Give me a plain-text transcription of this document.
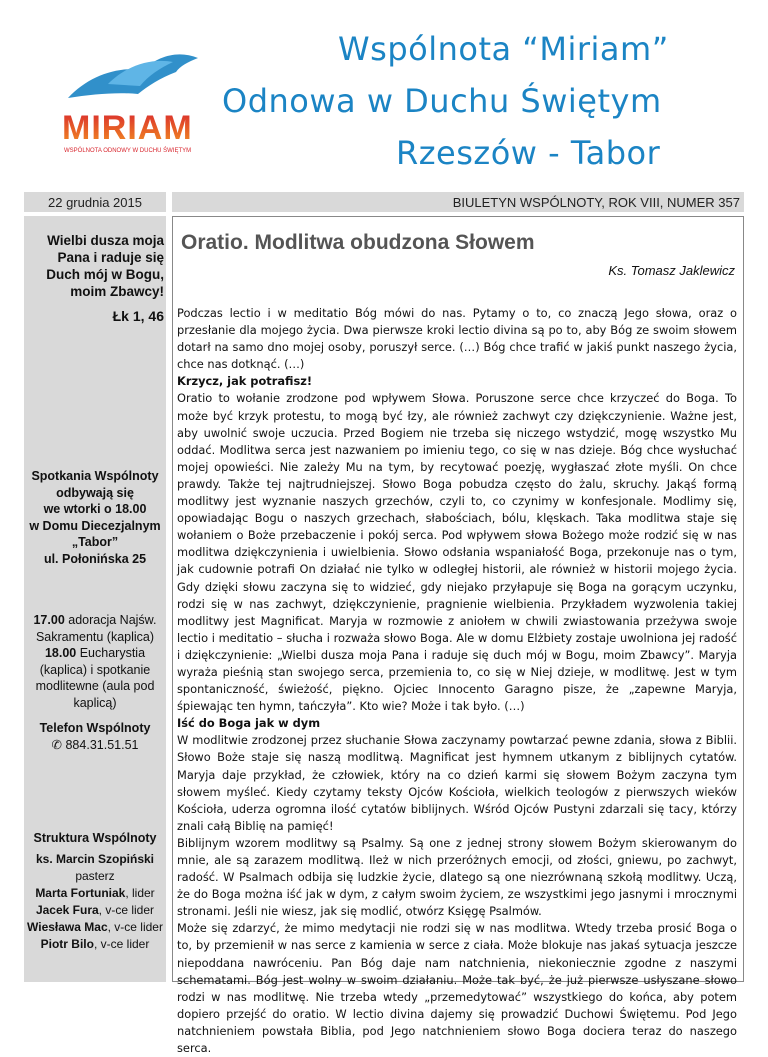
MIRIAM
WSPÓLNOTA ODNOWY W DUCHU ŚWIĘTYM
Wspólnota “Miriam”
Odnowa w Duchu Świętym
Rzeszów - Tabor
22 grudnia 2015	BIULETYN WSPÓLNOTY, ROK VIII, NUMER 357
Wielbi dusza moja Pana i raduje się Duch mój w Bogu, moim Zbawcy!
Łk 1, 46
Spotkania Wspólnoty
odbywają się
we wtorki o 18.00
w Domu Diecezjalnym
„Tabor”
ul. Połonińska 25
17.00 adoracja Najśw. Sakramentu (kaplica)
18.00 Eucharystia (kaplica) i spotkanie modlitewne (aula pod kaplicą)
Telefon Wspólnoty
✆ 884.31.51.51
Struktura Wspólnoty
ks. Marcin Szopiński
pasterz
Marta Fortuniak, lider
Jacek Fura, v-ce lider
Wiesława Mac, v-ce lider
Piotr Bilo, v-ce lider
Oratio. Modlitwa obudzona Słowem
Ks. Tomasz Jaklewicz

Podczas lectio i w meditatio Bóg mówi do nas. Pytamy o to, co znaczą Jego słowa, oraz o przesłanie dla mojego życia. Dwa pierwsze kroki lectio divina są po to, aby Bóg ze swoim słowem dotarł na samo dno mojej osoby, poruszył serce. (…) Bóg chce trafić w jakiś punkt naszego życia, chce nas dotknąć. (…)

Krzycz, jak potrafisz!

Oratio to wołanie zrodzone pod wpływem Słowa. Poruszone serce chce krzyczeć do Boga. To może być krzyk protestu, to mogą być łzy, ale również zachwyt czy dziękczynienie. Ważne jest, aby uwolnić swoje uczucia. Przed Bogiem nie trzeba się niczego wstydzić, mogę wszystko Mu oddać. Modlitwa serca jest nazwaniem po imieniu tego, co się w nas dzieje. Bóg chce wysłuchać mojej opowieści. Nie zależy Mu na tym, by recytować poezję, wygłaszać złote myśli. On chce prawdy. Także tej najtrudniejszej. Słowo Boga pobudza często do żalu, skruchy. Jakąś formą modlitwy jest wyznanie naszych grzechów, czyli to, co czynimy w konfesjonale. Modlimy się, opowiadając Bogu o naszych grzechach, słabościach, bólu, klęskach. Taka modlitwa staje się wołaniem o Boże przebaczenie i pokój serca. Pod wpływem słowa Bożego może rodzić się w nas modlitwa dziękczynienia i uwielbienia. Słowo odsłania wspaniałość Boga, przekonuje nas o tym, jak cudownie potrafi On działać nie tylko w odległej historii, ale również w historii mojego życia. Gdy dzięki słowu zaczyna się to widzieć, gdy niejako przyłapuje się Boga na gorącym uczynku, rodzi się w nas zachwyt, dziękczynienie, pragnienie wielbienia. Przykładem wyzwolenia takiej modlitwy jest Magnificat. Maryja w rozmowie z aniołem w chwili zwiastowania przeżywa swoje lectio i meditatio – słucha i rozważa słowo Boga. Ale w domu Elżbiety zostaje uwolniona jej radość i dziękczynienie: „Wielbi dusza moja Pana i raduje się duch mój w Bogu, moim Zbawcy”. Maryja wyraża pieśnią stan swojego serca, przemienia to, co się w Niej dzieje, w modlitwę. Jest w tym spontaniczność, świeżość, piękno. Ojciec Innocento Garagno pisze, że „zapewne Maryja, śpiewając ten hymn, tańczyła”. Kto wie? Może i tak było. (…)

Iść do Boga jak w dym

W modlitwie zrodzonej przez słuchanie Słowa zaczynamy powtarzać pewne zdania, słowa z Biblii. Słowo Boże staje się naszą modlitwą. Magnificat jest hymnem utkanym z biblijnych cytatów. Maryja daje przykład, że człowiek, który na co dzień karmi się słowem Bożym zaczyna tym słowem myśleć. Kiedy czytamy teksty Ojców Kościoła, wielkich teologów z pierwszych wieków Kościoła, uderza ogromna ilość cytatów biblijnych. Wśród Ojców Pustyni zdarzali się tacy, którzy znali całą Biblię na pamięć!

Biblijnym wzorem modlitwy są Psalmy. Są one z jednej strony słowem Bożym skierowanym do mnie, ale są zarazem modlitwą. Ileż w nich przeróżnych emocji, od złości, gniewu, po zachwyt, radość. W Psalmach odbija się ludzkie życie, dlatego są one niezrównaną szkołą modlitwy. Uczą, że do Boga można iść jak w dym, z całym swoim życiem, ze wszystkimi jego jasnymi i mrocznymi stronami. Jeśli nie wiesz, jak się modlić, otwórz Księgę Psalmów.

Może się zdarzyć, że mimo medytacji nie rodzi się w nas modlitwa. Wtedy trzeba prosić Boga o to, by przemienił w nas serce z kamienia w serce z ciała. Może blokuje nas jakaś sytuacja jeszcze niepoddana nawróceniu. Pan Bóg daje nam natchnienia, niekoniecznie zgodne z naszymi schematami. Bóg jest wolny w swoim działaniu. Może tak być, że już pierwsze usłyszane słowo rodzi w nas modlitwę. Nie trzeba wtedy „przemedytować” wszystkiego do końca, aby potem dopiero przejść do oratio. W lectio divina dajemy się prowadzić Duchowi Świętemu. Pod Jego natchnieniem powstała Biblia, pod Jego natchnieniem słowo Boga dociera teraz do naszego serca.
